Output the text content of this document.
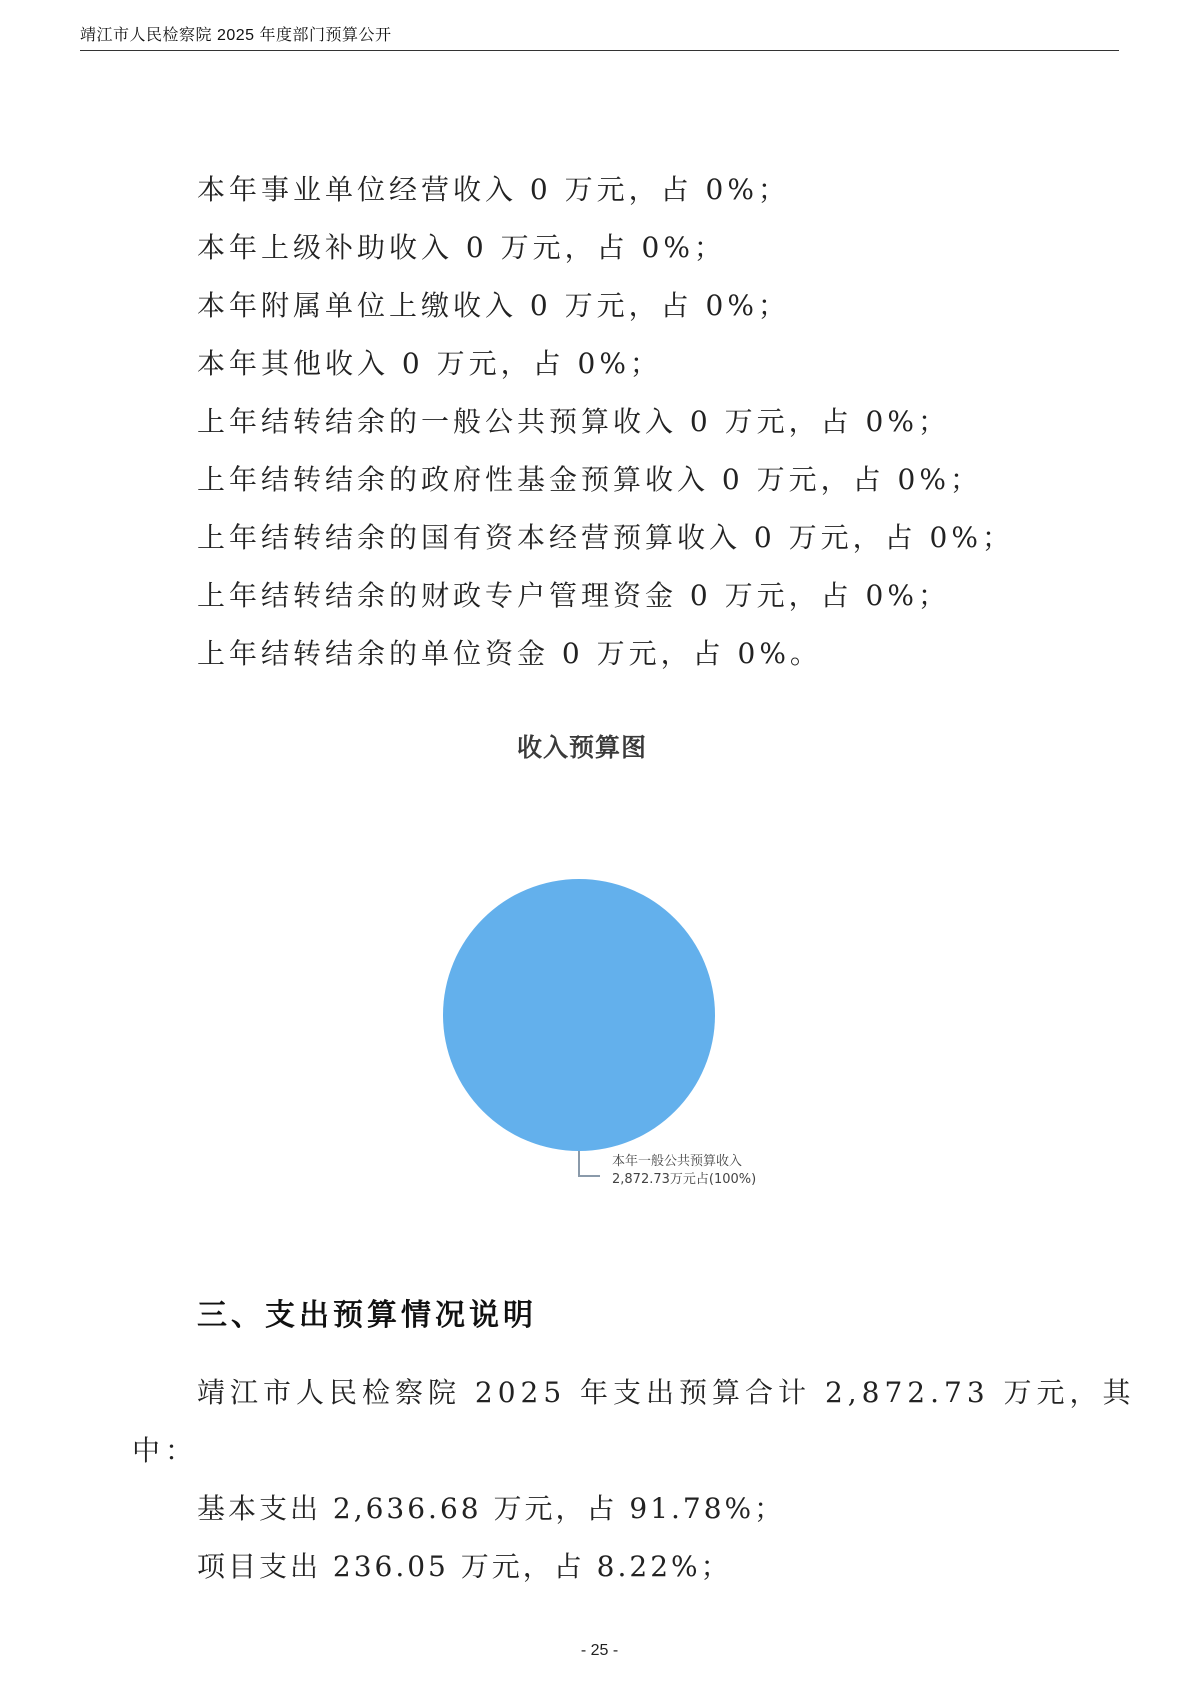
靖江市人民检察院 2025 年度部门预算公开
本年事业单位经营收入 0 万元，占 0%；
本年上级补助收入 0 万元，占 0%；
本年附属单位上缴收入 0 万元，占 0%；
本年其他收入 0 万元，占 0%；
上年结转结余的一般公共预算收入 0 万元，占 0%；
上年结转结余的政府性基金预算收入 0 万元，占 0%；
上年结转结余的国有资本经营预算收入 0 万元，占 0%；
上年结转结余的财政专户管理资金 0 万元，占 0%；
上年结转结余的单位资金 0 万元，占 0%。
收入预算图
本年一般公共预算收入
2,872.73万元占(100%)
三、支出预算情况说明
靖江市人民检察院 2025 年支出预算合计 2,872.73 万元，其
中：
基本支出 2,636.68 万元，占 91.78%；
项目支出 236.05 万元，占 8.22%；
- 25 -
